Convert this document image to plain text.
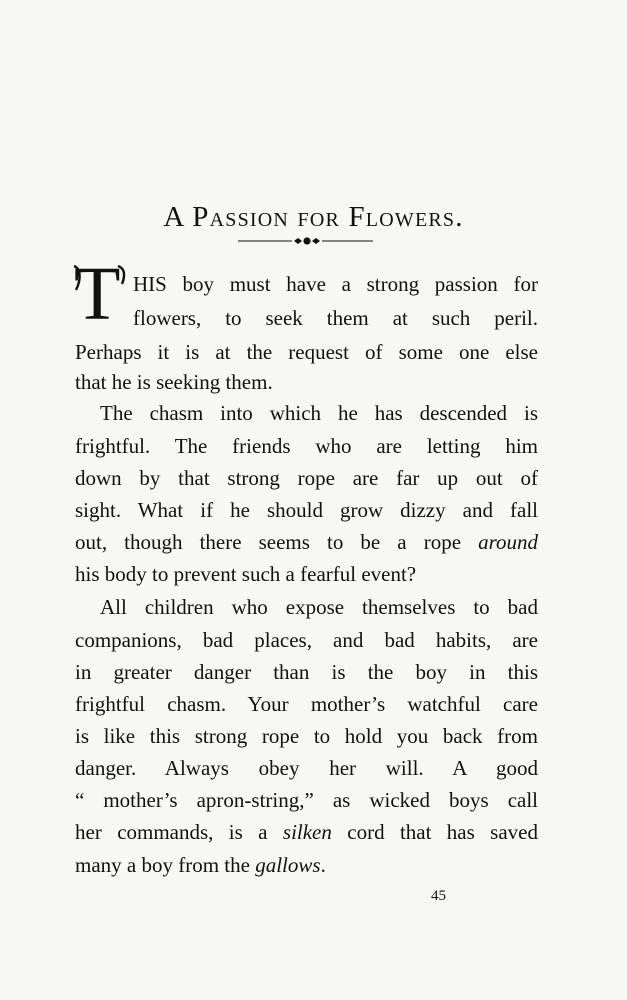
A Passion for Flowers.
T HIS boy must have a strong passion for
flowers, to seek them at such peril.
Perhaps it is at the request of some one else
that he is seeking them.
The chasm into which he has descended is
frightful. The friends who are letting him
down by that strong rope are far up out of
sight. What if he should grow dizzy and fall
out, though there seems to be a rope around
his body to prevent such a fearful event?
All children who expose themselves to bad
companions, bad places, and bad habits, are
in greater danger than is the boy in this
frightful chasm. Your mother’s watchful care
is like this strong rope to hold you back from
danger. Always obey her will. A good
“ mother’s apron-string,” as wicked boys call
her commands, is a silken cord that has saved
many a boy from the gallows.
45
